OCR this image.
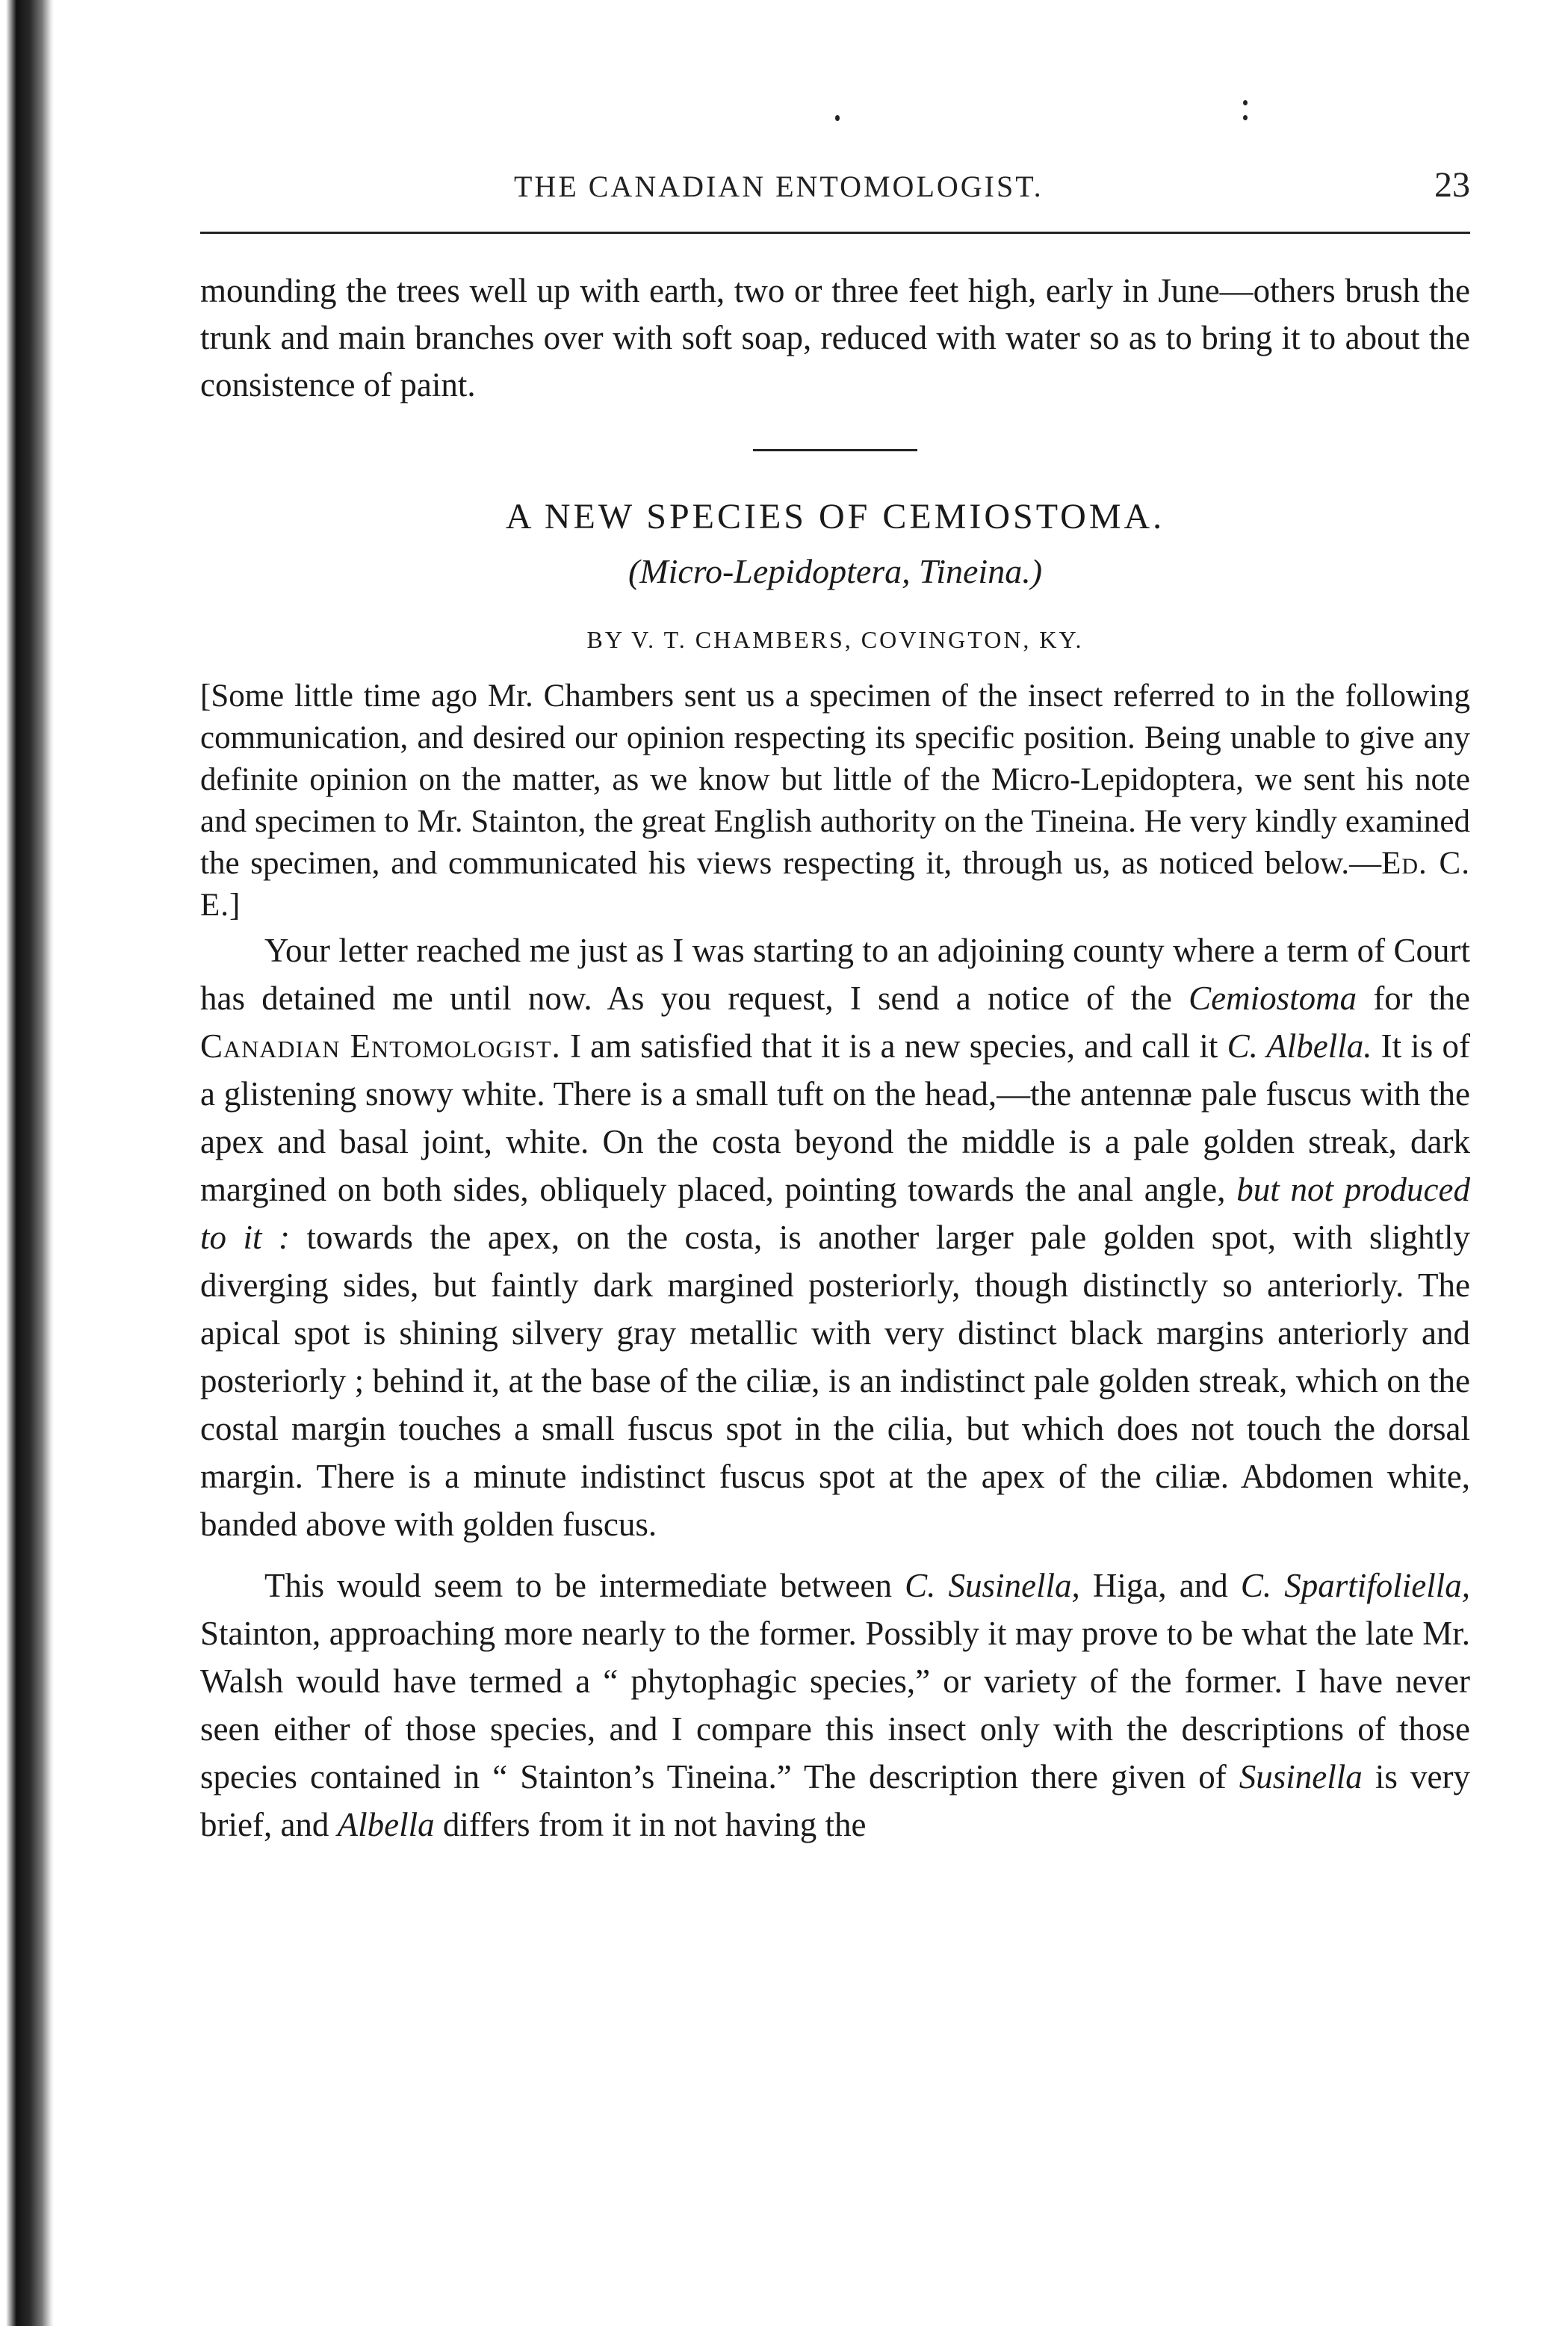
THE CANADIAN ENTOMOLOGIST.	23

mounding the trees well up with earth, two or three feet high, early in June—others brush the trunk and main branches over with soft soap, reduced with water so as to bring it to about the consistence of paint.

A NEW SPECIES OF CEMIOSTOMA.
(Micro-Lepidoptera, Tineina.)
BY V. T. CHAMBERS, COVINGTON, KY.

[Some little time ago Mr. Chambers sent us a specimen of the insect referred to in the following communication, and desired our opinion respecting its specific position. Being unable to give any definite opinion on the matter, as we know but little of the Micro-Lepidoptera, we sent his note and specimen to Mr. Stainton, the great English authority on the Tineina. He very kindly examined the specimen, and communicated his views respecting it, through us, as noticed below.—Ed. C. E.]

Your letter reached me just as I was starting to an adjoining county where a term of Court has detained me until now. As you request, I send a notice of the Cemiostoma for the Canadian Entomologist. I am satisfied that it is a new species, and call it C. Albella. It is of a glistening snowy white. There is a small tuft on the head,—the antennæ pale fuscus with the apex and basal joint, white. On the costa beyond the middle is a pale golden streak, dark margined on both sides, obliquely placed, pointing towards the anal angle, but not produced to it : towards the apex, on the costa, is another larger pale golden spot, with slightly diverging sides, but faintly dark margined posteriorly, though distinctly so anteriorly. The apical spot is shining silvery gray metallic with very distinct black margins anteriorly and posteriorly ; behind it, at the base of the ciliæ, is an indistinct pale golden streak, which on the costal margin touches a small fuscus spot in the cilia, but which does not touch the dorsal margin. There is a minute indistinct fuscus spot at the apex of the ciliæ. Abdomen white, banded above with golden fuscus.

This would seem to be intermediate between C. Susinella, Higa, and C. Spartifoliella, Stainton, approaching more nearly to the former. Possibly it may prove to be what the late Mr. Walsh would have termed a “ phytophagic species,” or variety of the former. I have never seen either of those species, and I compare this insect only with the descriptions of those species contained in “ Stainton’s Tineina.” The description there given of Susinella is very brief, and Albella differs from it in not having the
